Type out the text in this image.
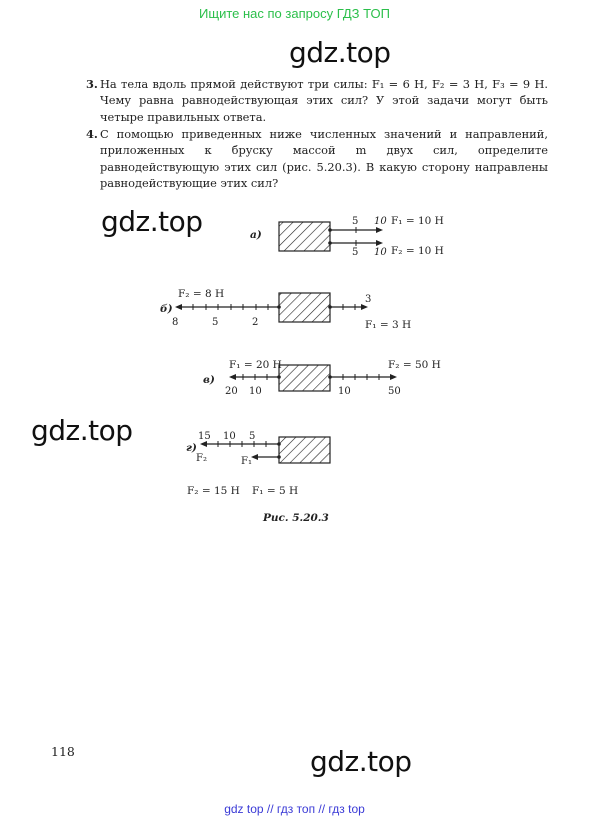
Ищите нас по запросу ГДЗ ТОП
gdz.top
gdz.top
gdz.top
gdz.top
3. На тела вдоль прямой действуют три силы: F₁ = 6 Н, F₂ = 3 Н, F₃ = 9 Н. Чему равна равнодействующая этих сил? У этой задачи могут быть четыре правильных ответа.
4. С помощью приведенных ниже численных значений и направлений, приложенных к бруску массой m двух сил, определите равнодействующую этих сил (рис. 5.20.3). В какую сторону направлены равнодействующие этих сил?
а)
5 10
5 10
F₁ = 10 Н
F₂ = 10 Н
б)
F₂ = 8 Н
8	5	2
3
F₁ = 3 Н
в)
F₁ = 20 Н	F₂ = 50 Н
20 10	10	50
г)
15 10 5
F₂	F₁
F₂ = 15 Н F₁ = 5 Н
Рис. 5.20.3
118
gdz top // гдз топ // гдз top
